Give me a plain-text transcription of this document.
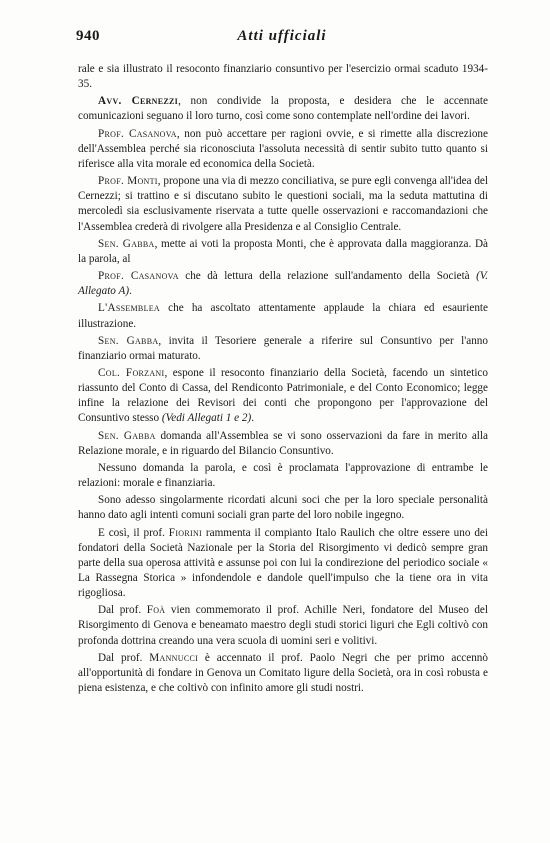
940	Atti ufficiali

rale e sia illustrato il resoconto finanziario consuntivo per l'esercizio ormai scaduto 1934-35.

Avv. Cernezzi, non condivide la proposta, e desidera che le accennate comunicazioni seguano il loro turno, così come sono contemplate nell'ordine dei lavori.

Prof. Casanova, non può accettare per ragioni ovvie, e si rimette alla discrezione dell'Assemblea perché sia riconosciuta l'assoluta necessità di sentir subito tutto quanto si riferisce alla vita morale ed economica della Società.

Prof. Monti, propone una via di mezzo conciliativa, se pure egli convenga all'idea del Cernezzi; si trattino e si discutano subito le questioni sociali, ma la seduta mattutina di mercoledì sia esclusivamente riservata a tutte quelle osservazioni e raccomandazioni che l'Assemblea crederà di rivolgere alla Presidenza e al Consiglio Centrale.

Sen. Gabba, mette ai voti la proposta Monti, che è approvata dalla maggioranza. Dà la parola, al

Prof. Casanova che dà lettura della relazione sull'andamento della Società (V. Allegato A).

L'Assemblea che ha ascoltato attentamente applaude la chiara ed esauriente illustrazione.

Sen. Gabba, invita il Tesoriere generale a riferire sul Consuntivo per l'anno finanziario ormai maturato.

Col. Forzani, espone il resoconto finanziario della Società, facendo un sintetico riassunto del Conto di Cassa, del Rendiconto Patrimoniale, e del Conto Economico; legge infine la relazione dei Revisori dei conti che propongono per l'approvazione del Consuntivo stesso (Vedi Allegati 1 e 2).

Sen. Gabba domanda all'Assemblea se vi sono osservazioni da fare in merito alla Relazione morale, e in riguardo del Bilancio Consuntivo.

Nessuno domanda la parola, e così è proclamata l'approvazione di entrambe le relazioni: morale e finanziaria.

Sono adesso singolarmente ricordati alcuni soci che per la loro speciale personalità hanno dato agli intenti comuni sociali gran parte del loro nobile ingegno.

E così, il prof. Fiorini rammenta il compianto Italo Raulich che oltre essere uno dei fondatori della Società Nazionale per la Storia del Risorgimento vi dedicò sempre gran parte della sua operosa attività e assunse poi con lui la condirezione del periodico sociale « La Rassegna Storica » infondendole e dandole quell'impulso che la tiene ora in vita rigogliosa.

Dal prof. Foà vien commemorato il prof. Achille Neri, fondatore del Museo del Risorgimento di Genova e beneamato maestro degli studi storici liguri che Egli coltivò con profonda dottrina creando una vera scuola di uomini seri e volitivi.

Dal prof. Mannucci è accennato il prof. Paolo Negri che per primo accennò all'opportunità di fondare in Genova un Comitato ligure della Società, ora in così robusta e piena esistenza, e che coltivò con infinito amore gli studi nostri.
